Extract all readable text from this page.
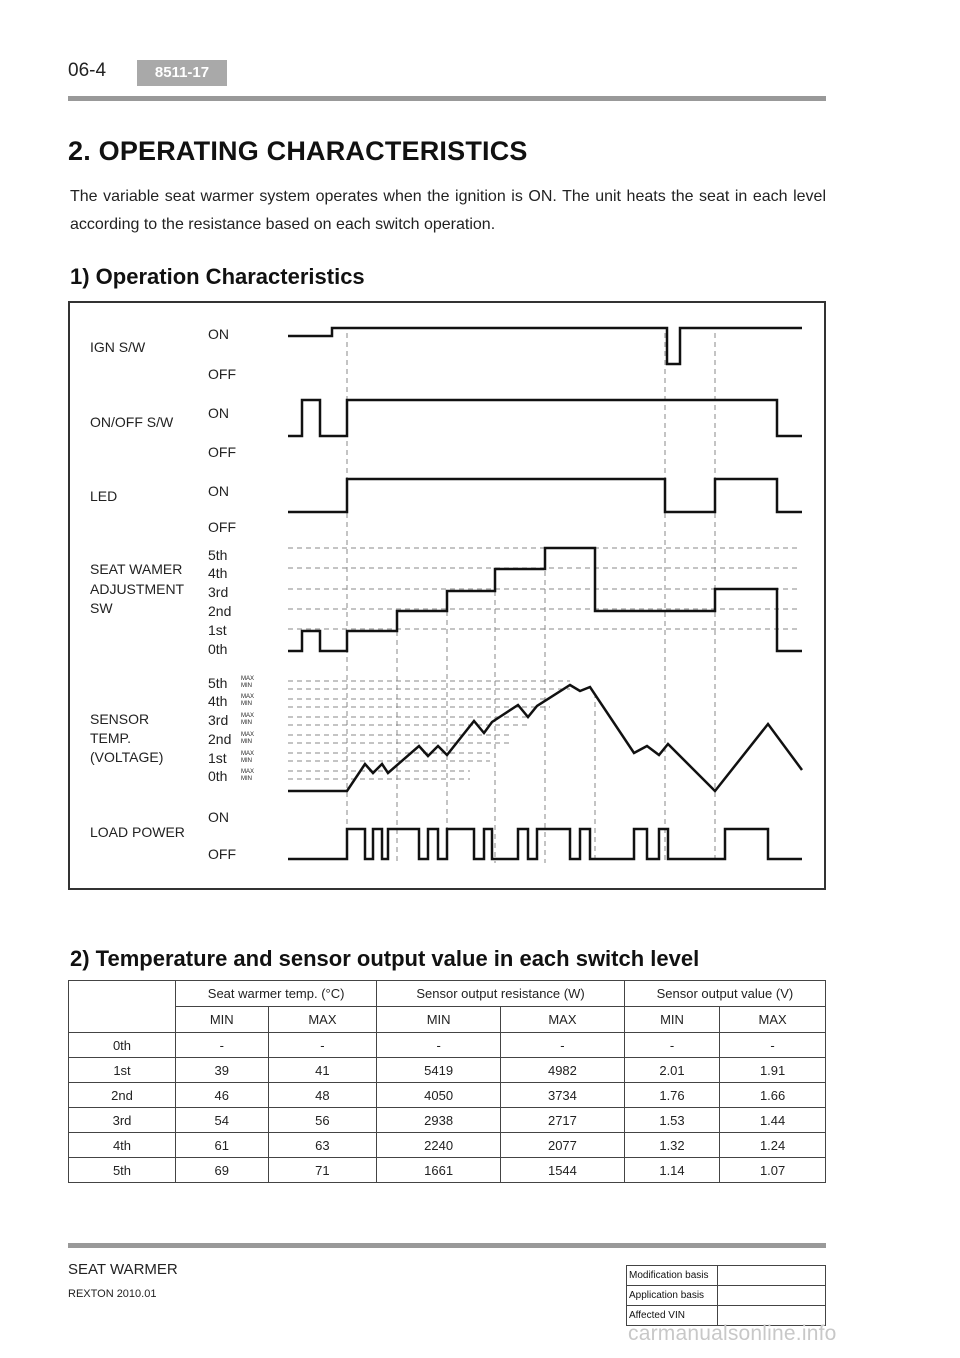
06-4	8511-17
2. OPERATING CHARACTERISTICS
The variable seat warmer system operates when the ignition is ON. The unit heats the seat in each level according to the resistance based on each switch operation.
1) Operation Characteristics
IGN S/W
ON/OFF S/W
LED
SEAT WAMER
ADJUSTMENT
SW
SENSOR
TEMP.
(VOLTAGE)
LOAD POWER
ON
OFF
ON
OFF
ON
OFF
5th
4th
3rd
2nd
1st
0th
5th
4th
3rd
2nd
1st
0th
ON
OFF
MAX
MIN
MAX
MIN
MAX
MIN
MAX
MIN
MAX
MIN
MAX
MIN
2) Temperature and sensor output value in each switch level
	Seat warmer temp. (°C)		Sensor output resistance (W)		Sensor output value (V)	
	MIN	MAX	MIN	MAX	MIN	MAX
0th	-	-	-	-	-	-
1st	39	41	5419	4982	2.01	1.91
2nd	46	48	4050	3734	1.76	1.66
3rd	54	56	2938	2717	1.53	1.44
4th	61	63	2240	2077	1.32	1.24
5th	69	71	1661	1544	1.14	1.07
SEAT WARMER
REXTON 2010.01
Modification basis	
Application basis	
Affected VIN	
carmanualsonline.info
